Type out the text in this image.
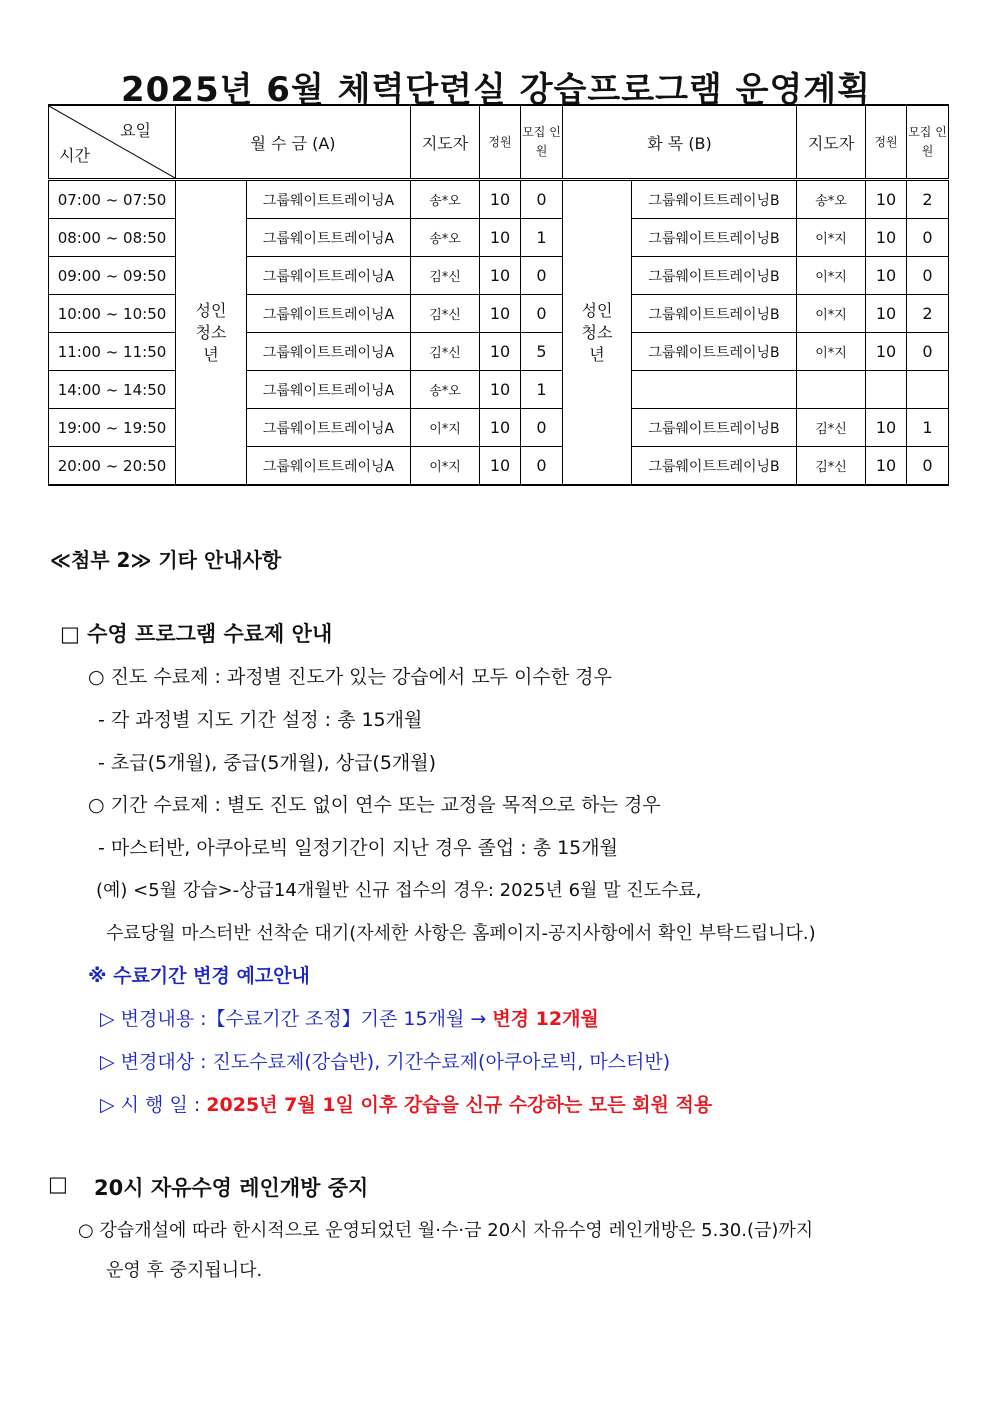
2025년 6월 체력단련실 강습프로그램 운영계획
요일
시간	월 수 금 (A)		지도자	정원	모집 인원	화 목 (B)		지도자	정원	모집 인원
07:00 ~ 07:50	성인 청소년	그룹웨이트트레이닝A	송*오	10	0	성인 청소년	그룹웨이트트레이닝B	송*오	10	2
08:00 ~ 08:50		그룹웨이트트레이닝A	송*오	10	1		그룹웨이트트레이닝B	이*지	10	0
09:00 ~ 09:50		그룹웨이트트레이닝A	김*신	10	0		그룹웨이트트레이닝B	이*지	10	0
10:00 ~ 10:50		그룹웨이트트레이닝A	김*신	10	0		그룹웨이트트레이닝B	이*지	10	2
11:00 ~ 11:50		그룹웨이트트레이닝A	김*신	10	5		그룹웨이트트레이닝B	이*지	10	0
14:00 ~ 14:50		그룹웨이트트레이닝A	송*오	10	1					
19:00 ~ 19:50		그룹웨이트트레이닝A	이*지	10	0		그룹웨이트트레이닝B	김*신	10	1
20:00 ~ 20:50		그룹웨이트트레이닝A	이*지	10	0		그룹웨이트트레이닝B	김*신	10	0

≪첨부 2≫ 기타 안내사항

□ 수영 프로그램 수료제 안내

○ 진도 수료제 : 과정별 진도가 있는 강습에서 모두 이수한 경우

- 각 과정별 지도 기간 설정 : 총 15개월

- 초급(5개월), 중급(5개월), 상급(5개월)

○ 기간 수료제 : 별도 진도 없이 연수 또는 교정을 목적으로 하는 경우

- 마스터반, 아쿠아로빅 일정기간이 지난 경우 졸업 : 총 15개월

(예) <5월 강습>-상급14개월반 신규 접수의 경우: 2025년 6월 말 진도수료,

수료당월 마스터반 선착순 대기(자세한 사항은 홈페이지-공지사항에서 확인 부탁드립니다.)

※ 수료기간 변경 예고안내

▷ 변경내용 :【수료기간 조정】기존 15개월 → 변경 12개월

▷ 변경대상 : 진도수료제(강습반), 기간수료제(아쿠아로빅, 마스터반)

▷ 시 행 일 : 2025년 7월 1일 이후 강습을 신규 수강하는 모든 회원 적용

□ 20시 자유수영 레인개방 중지

○ 강습개설에 따라 한시적으로 운영되었던 월·수·금 20시 자유수영 레인개방은 5.30.(금)까지

운영 후 중지됩니다.
